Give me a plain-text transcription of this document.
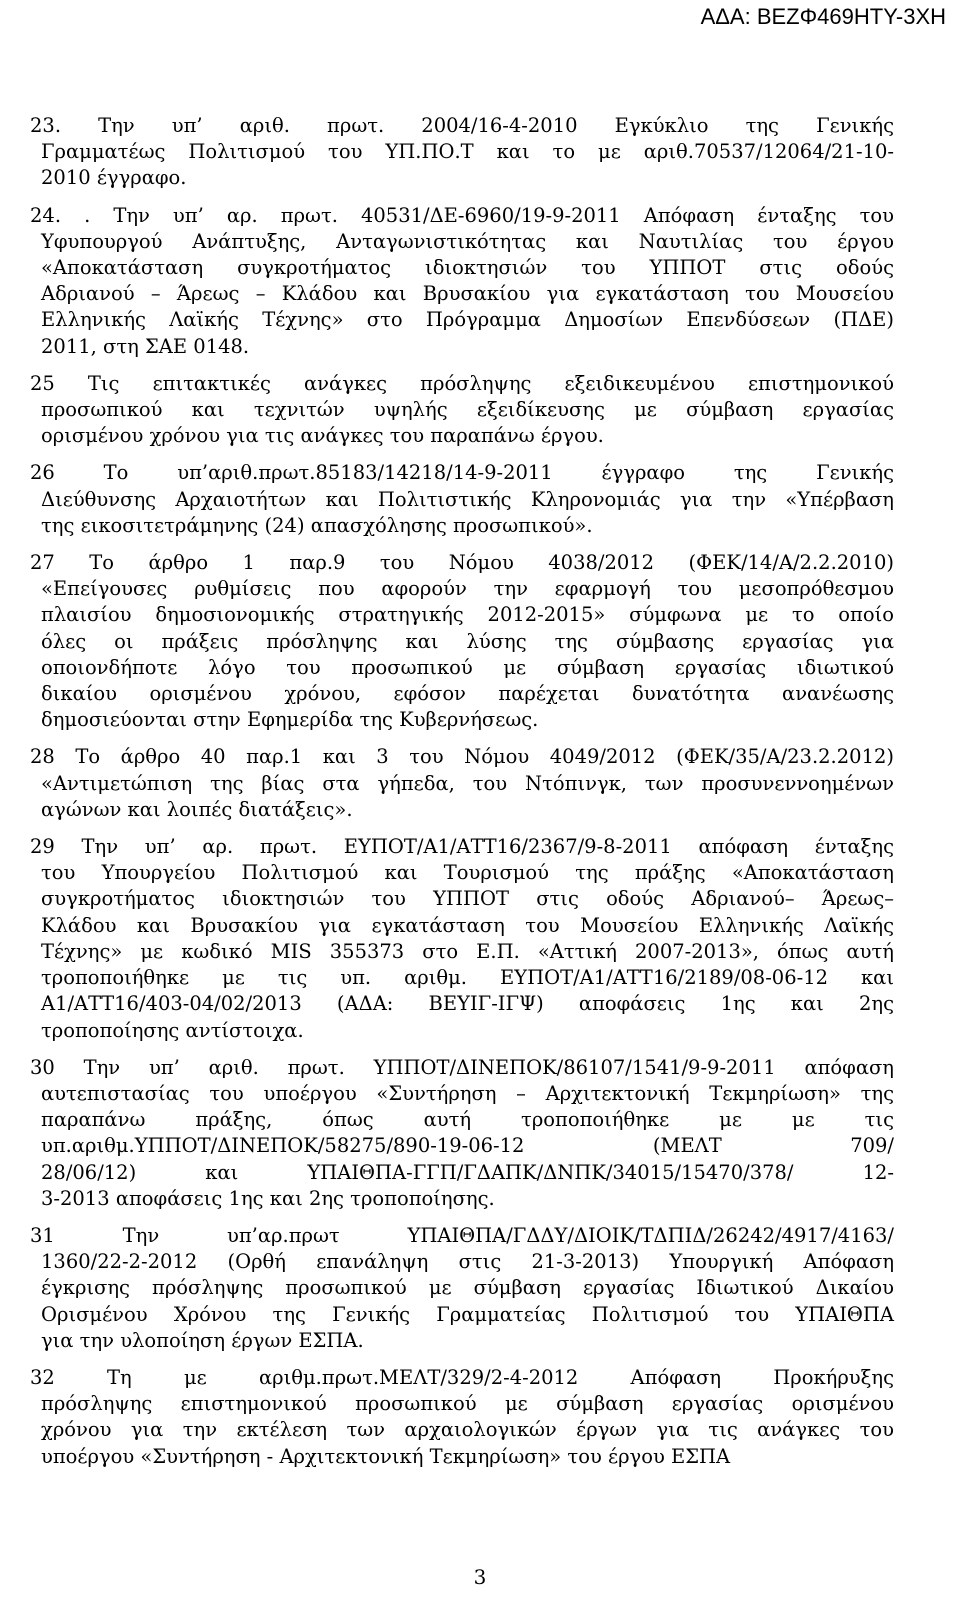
ΑΔΑ: ΒΕΖΦ469ΗΤΥ-3ΧΗ
23. Την υπ’ αριθ. πρωτ. 2004/16-4-2010 Εγκύκλιο της Γενικής
Γραμματέως Πολιτισμού του ΥΠ.ΠΟ.Τ και το με αριθ.70537/12064/21-10-
2010 έγγραφο.
24. . Την υπ’ αρ. πρωτ. 40531/ΔΕ-6960/19-9-2011 Απόφαση ένταξης του
Υφυπουργού Ανάπτυξης, Ανταγωνιστικότητας και Ναυτιλίας του έργου
«Αποκατάσταση συγκροτήματος ιδιοκτησιών του ΥΠΠΟΤ στις οδούς
Αδριανού – Άρεως – Κλάδου και Βρυσακίου για εγκατάσταση του Μουσείου
Ελληνικής Λαϊκής Τέχνης» στο Πρόγραμμα Δημοσίων Επενδύσεων (ΠΔΕ)
2011, στη ΣΑΕ 0148.
25 Τις επιτακτικές ανάγκες πρόσληψης εξειδικευμένου επιστημονικού
προσωπικού και τεχνιτών υψηλής εξειδίκευσης με σύμβαση εργασίας
ορισμένου χρόνου για τις ανάγκες του παραπάνω έργου.
26 Το υπ’αριθ.πρωτ.85183/14218/14-9-2011 έγγραφο της Γενικής
Διεύθυνσης Αρχαιοτήτων και Πολιτιστικής Κληρονομιάς για την «Υπέρβαση
της εικοσιτετράμηνης (24) απασχόλησης προσωπικού».
27 Το άρθρο 1 παρ.9 του Νόμου 4038/2012 (ΦΕΚ/14/Α/2.2.2010)
«Επείγουσες ρυθμίσεις που αφορούν την εφαρμογή του μεσοπρόθεσμου
πλαισίου δημοσιονομικής στρατηγικής 2012-2015» σύμφωνα με το οποίο
όλες οι πράξεις πρόσληψης και λύσης της σύμβασης εργασίας για
οποιονδήποτε λόγο του προσωπικού με σύμβαση εργασίας ιδιωτικού
δικαίου ορισμένου χρόνου, εφόσον παρέχεται δυνατότητα ανανέωσης
δημοσιεύονται στην Εφημερίδα της Κυβερνήσεως.
28 Το άρθρο 40 παρ.1 και 3 του Νόμου 4049/2012 (ΦΕΚ/35/Α/23.2.2012)
«Αντιμετώπιση της βίας στα γήπεδα, του Ντόπινγκ, των προσυνεννοημένων
αγώνων και λοιπές διατάξεις».
29 Την υπ’ αρ. πρωτ. ΕΥΠΟΤ/Α1/ΑΤΤ16/2367/9-8-2011 απόφαση ένταξης
του Υπουργείου Πολιτισμού και Τουρισμού της πράξης «Αποκατάσταση
συγκροτήματος ιδιοκτησιών του ΥΠΠΟΤ στις οδούς Αδριανού– Άρεως–
Κλάδου και Βρυσακίου για εγκατάσταση του Μουσείου Ελληνικής Λαϊκής
Τέχνης» με κωδικό MIS 355373 στο Ε.Π. «Αττική 2007-2013», όπως αυτή
τροποποιήθηκε με τις υπ. αριθμ. ΕΥΠΟΤ/Α1/ΑΤΤ16/2189/08-06-12 και
Α1/ΑΤΤ16/403-04/02/2013 (ΑΔΑ: ΒΕΥΙΓ-ΙΓΨ) αποφάσεις 1ης και 2ης
τροποποίησης αντίστοιχα.
30 Την υπ’ αριθ. πρωτ. ΥΠΠΟΤ/ΔΙΝΕΠΟΚ/86107/1541/9-9-2011 απόφαση
αυτεπιστασίας του υποέργου «Συντήρηση – Αρχιτεκτονική Τεκμηρίωση» της
παραπάνω πράξης, όπως αυτή τροποποιήθηκε με με τις
υπ.αριθμ.ΥΠΠΟΤ/ΔΙΝΕΠΟΚ/58275/890-19-06-12 (ΜΕΛΤ 709/
28/06/12) και ΥΠΑΙΘΠΑ-ΓΓΠ/ΓΔΑΠΚ/ΔΝΠΚ/34015/15470/378/ 12-
3-2013 αποφάσεις 1ης και 2ης τροποποίησης.
31 Την υπ’αρ.πρωτ ΥΠΑΙΘΠΑ/ΓΔΔΥ/ΔΙΟΙΚ/ΤΔΠΙΔ/26242/4917/4163/
1360/22-2-2012 (Ορθή επανάληψη στις 21-3-2013) Υπουργική Απόφαση
έγκρισης πρόσληψης προσωπικού με σύμβαση εργασίας Ιδιωτικού Δικαίου
Ορισμένου Χρόνου της Γενικής Γραμματείας Πολιτισμού του ΥΠΑΙΘΠΑ
για την υλοποίηση έργων ΕΣΠΑ.
32 Τη με αριθμ.πρωτ.ΜΕΛΤ/329/2-4-2012 Απόφαση Προκήρυξης
πρόσληψης επιστημονικού προσωπικού με σύμβαση εργασίας ορισμένου
χρόνου για την εκτέλεση των αρχαιολογικών έργων για τις ανάγκες του
υποέργου «Συντήρηση - Αρχιτεκτονική Τεκμηρίωση» του έργου ΕΣΠΑ
3
